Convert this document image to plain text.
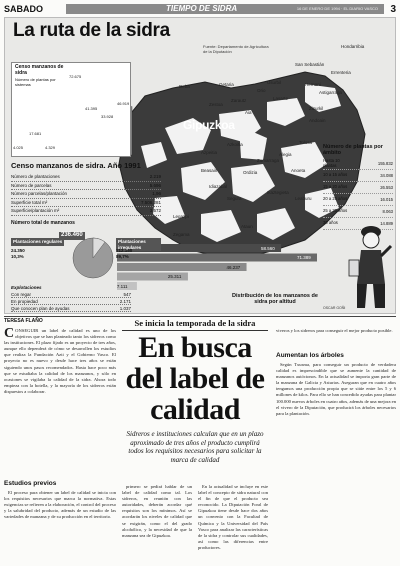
SABADO	TIEMPO DE SIDRA	16 DE ENERO DE 1994 · EL DIARIO VASCO	3
La ruta de la sidra
Fuente: Departamento de Agricultura de la Diputación
Censo manzanos de sidra
Número de plantas por sistemas
4.025
17.681
4.329
72.675
41.395
33.928
46.919
Gipuzkoa
Hondarribia
San Sebastián
Errenteria
Hernani
Astigarraga
Usurbil
Lasarte
Zarautz
Getaria
Orio
Aia
Deba
Zestoa
Azpeitia
Azkoitia
Zumarraga
Legazpi
Beasain	Ordizia
Tolosa
Andoain
Ataun
Zegama
Segura
Idiazabal
Leaburu
Ikaztegieta
Anoeta
Alegia
Zizurkil
Censo manzanos de sidra. Año 1991
Número de plantaciones	2.219
Número de parcelas	5.696
Número parcelas/plantación	1,96
Superficie total m²	7.506.281
Superficie/plantación m²	3.572
Número total de manzanos
Plantaciones regulares
24.350
10,3%
236.460
Plantaciones irregulares
212.150
89,7%
Explotaciones
Con regar	547
En propiedad	2.171
Que conocen plan de ayudas	1.037
Número de plantas por ámbito
Hasta 10 plantas	155.832
10 a 15 años	34.088
15 a 20 años	26.553
20 a 25 años	16.015
25 a 30 años	8.063
30 años	14.889
58.560
71.389
46.237
25.311
7.111
Distribución de los manzanos de sidra por altitud
OSCAR GOÑI
TERESA FLAÑO	Se inicia la temporada de la sidra
En busca del label de calidad
Sidreros e instituciones calculan que en un plazo aproximado de tres años el producto cumplirá todos los requisitos necesarios para solicitar la marca de calidad

CONSEGUIR un label de calidad es uno de los objetivos que se han planteado tanto los sidreros como las instituciones. El plazo fijado es un proyecto de tres años, aunque ello dependerá de cómo se desarrollen los estudios que realiza la Fundación Azti y el Gobierno Vasco. El proyecto no es nuevo y desde hace tres años se están siguiendo unos pasos recomendados. Hasta hace poco más que se estudiaba la calidad de los manzanos, y sólo en ocasiones se vigilaba la calidad de la sidra. Ahora todo empieza con la botella, y la mayoría de los sidreros están dispuestos a colaborar.

Estudios previos

El proceso para obtener un label de calidad se inicia con los requisitos necesarios que marca la normativa. Estas exigencias se refieren a la elaboración, el control del proceso y la salubridad del producto, además de un estudio de las variedades de manzana y de su producción en el territorio.

primero se pedirá hablar de un label de calidad como tal. Los sidreros, en reunión con las autoridades, deberán acordar qué requisitos son los mínimos. Así se acordarán los niveles de calidad que se exigirán, como el del grado alcohólico, y la necesidad de que la manzana sea de Gipuzkoa.

En la actualidad se incluye en este label el concepto de sidra natural con el fin de que el producto sea reconocido. La Diputación Foral de Gipuzkoa tiene desde hace dos años un convenio con la Facultad de Química y la Universidad del País Vasco para analizar las características de la sidra y controlar sus cualidades, así como las diferencias entre productores.

viveros y los sidreros para conseguir el mejor producto posible.

Aumentan los árboles

Según Txusma, para conseguir un producto de verdadera calidad es imprescindible que se aumente la cantidad de manzanos autóctonos. En la actualidad se importa gran parte de la manzana de Galicia y Asturias. Aseguran que en cuatro años tengamos una producción propia que se sitúe entre los 5 y 6 millones de kilos. Para ello se han concedido ayudas para plantar 100.000 nuevos árboles en cuatro años, además de una mejora en el vivero de la Diputación, que producirá los árboles necesarios para la plantación.
